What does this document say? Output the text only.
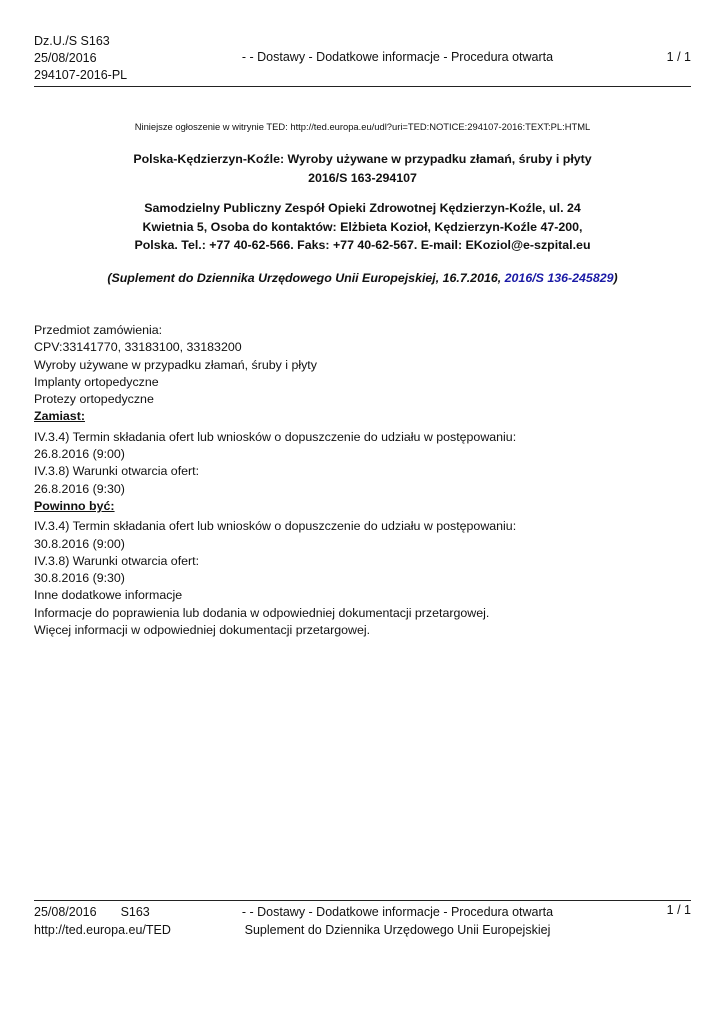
Dz.U./S S163
25/08/2016
294107-2016-PL
- - Dostawy - Dodatkowe informacje - Procedura otwarta	1 / 1
Niniejsze ogłoszenie w witrynie TED: http://ted.europa.eu/udl?uri=TED:NOTICE:294107-2016:TEXT:PL:HTML
Polska-Kędzierzyn-Koźle: Wyroby używane w przypadku złamań, śruby i płyty
2016/S 163-294107
Samodzielny Publiczny Zespół Opieki Zdrowotnej Kędzierzyn-Koźle, ul. 24
Kwietnia 5, Osoba do kontaktów: Elżbieta Kozioł, Kędzierzyn-Koźle 47-200,
Polska. Tel.: +77 40-62-566. Faks: +77 40-62-567. E-mail: EKoziol@e-szpital.eu
(Suplement do Dziennika Urzędowego Unii Europejskiej, 16.7.2016, 2016/S 136-245829)
Przedmiot zamówienia:
CPV:33141770, 33183100, 33183200
Wyroby używane w przypadku złamań, śruby i płyty
Implanty ortopedyczne
Protezy ortopedyczne
Zamiast:
IV.3.4) Termin składania ofert lub wniosków o dopuszczenie do udziału w postępowaniu:
26.8.2016 (9:00)
IV.3.8) Warunki otwarcia ofert:
26.8.2016 (9:30)
Powinno być:
IV.3.4) Termin składania ofert lub wniosków o dopuszczenie do udziału w postępowaniu:
30.8.2016 (9:00)
IV.3.8) Warunki otwarcia ofert:
30.8.2016 (9:30)
Inne dodatkowe informacje
Informacje do poprawienia lub dodania w odpowiedniej dokumentacji przetargowej.
Więcej informacji w odpowiedniej dokumentacji przetargowej.
25/08/2016 S163
http://ted.europa.eu/TED
- - Dostawy - Dodatkowe informacje - Procedura otwarta
Suplement do Dziennika Urzędowego Unii Europejskiej
1 / 1
